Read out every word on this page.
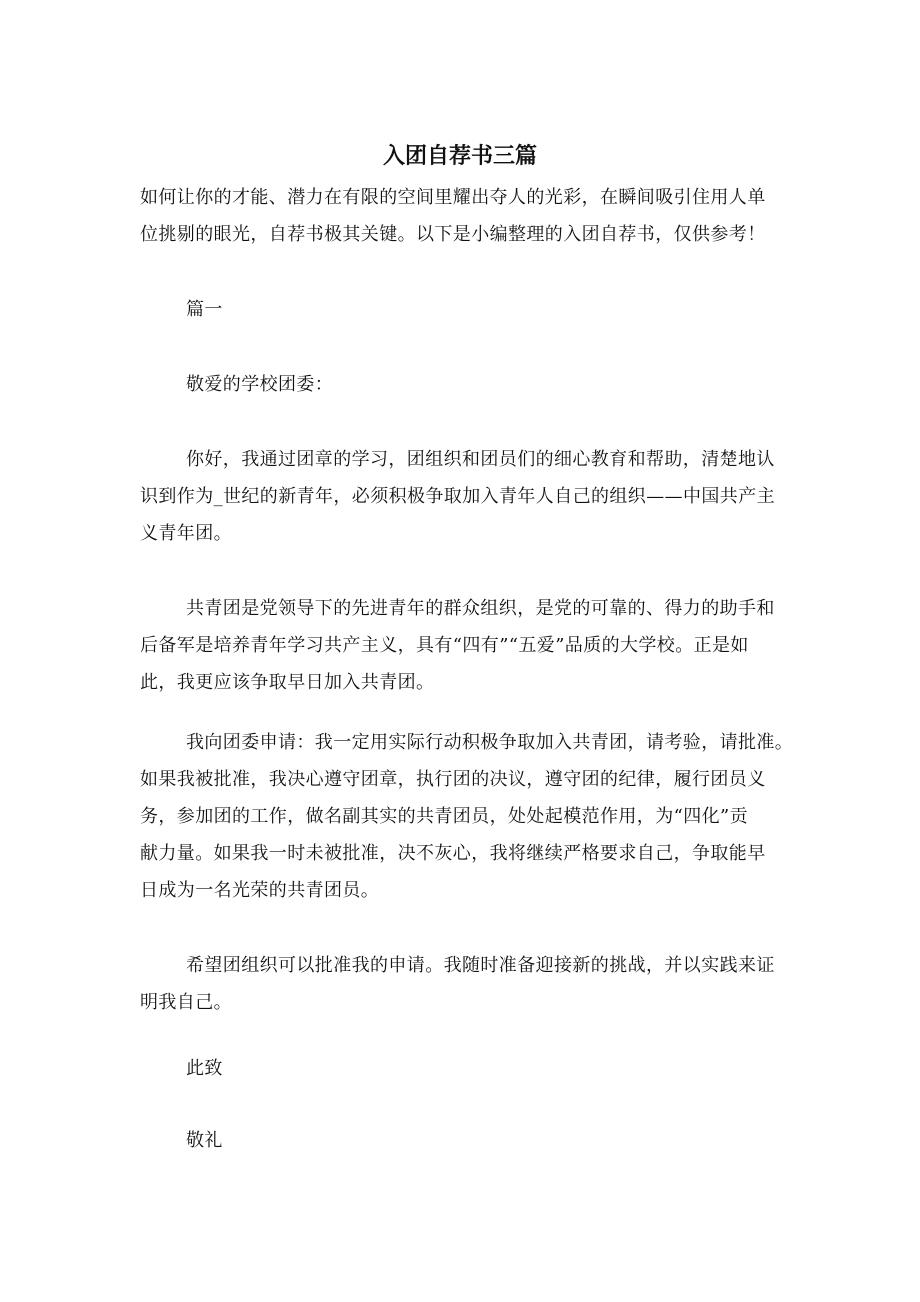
入团自荐书三篇
如何让你的才能、潜力在有限的空间里耀出夺人的光彩，在瞬间吸引住用人单
位挑剔的眼光，自荐书极其关键。以下是小编整理的入团自荐书，仅供参考！
篇一
敬爱的学校团委：
你好，我通过团章的学习，团组织和团员们的细心教育和帮助，清楚地认
识到作为_世纪的新青年，必须积极争取加入青年人自己的组织——中国共产主
义青年团。
共青团是党领导下的先进青年的群众组织，是党的可靠的、得力的助手和
后备军是培养青年学习共产主义，具有“四有”“五爱”品质的大学校。正是如
此，我更应该争取早日加入共青团。
我向团委申请：我一定用实际行动积极争取加入共青团，请考验，请批准。
如果我被批准，我决心遵守团章，执行团的决议，遵守团的纪律，履行团员义
务，参加团的工作，做名副其实的共青团员，处处起模范作用，为“四化”贡
献力量。如果我一时未被批准，决不灰心，我将继续严格要求自己，争取能早
日成为一名光荣的共青团员。
希望团组织可以批准我的申请。我随时准备迎接新的挑战，并以实践来证
明我自己。
此致
敬礼
